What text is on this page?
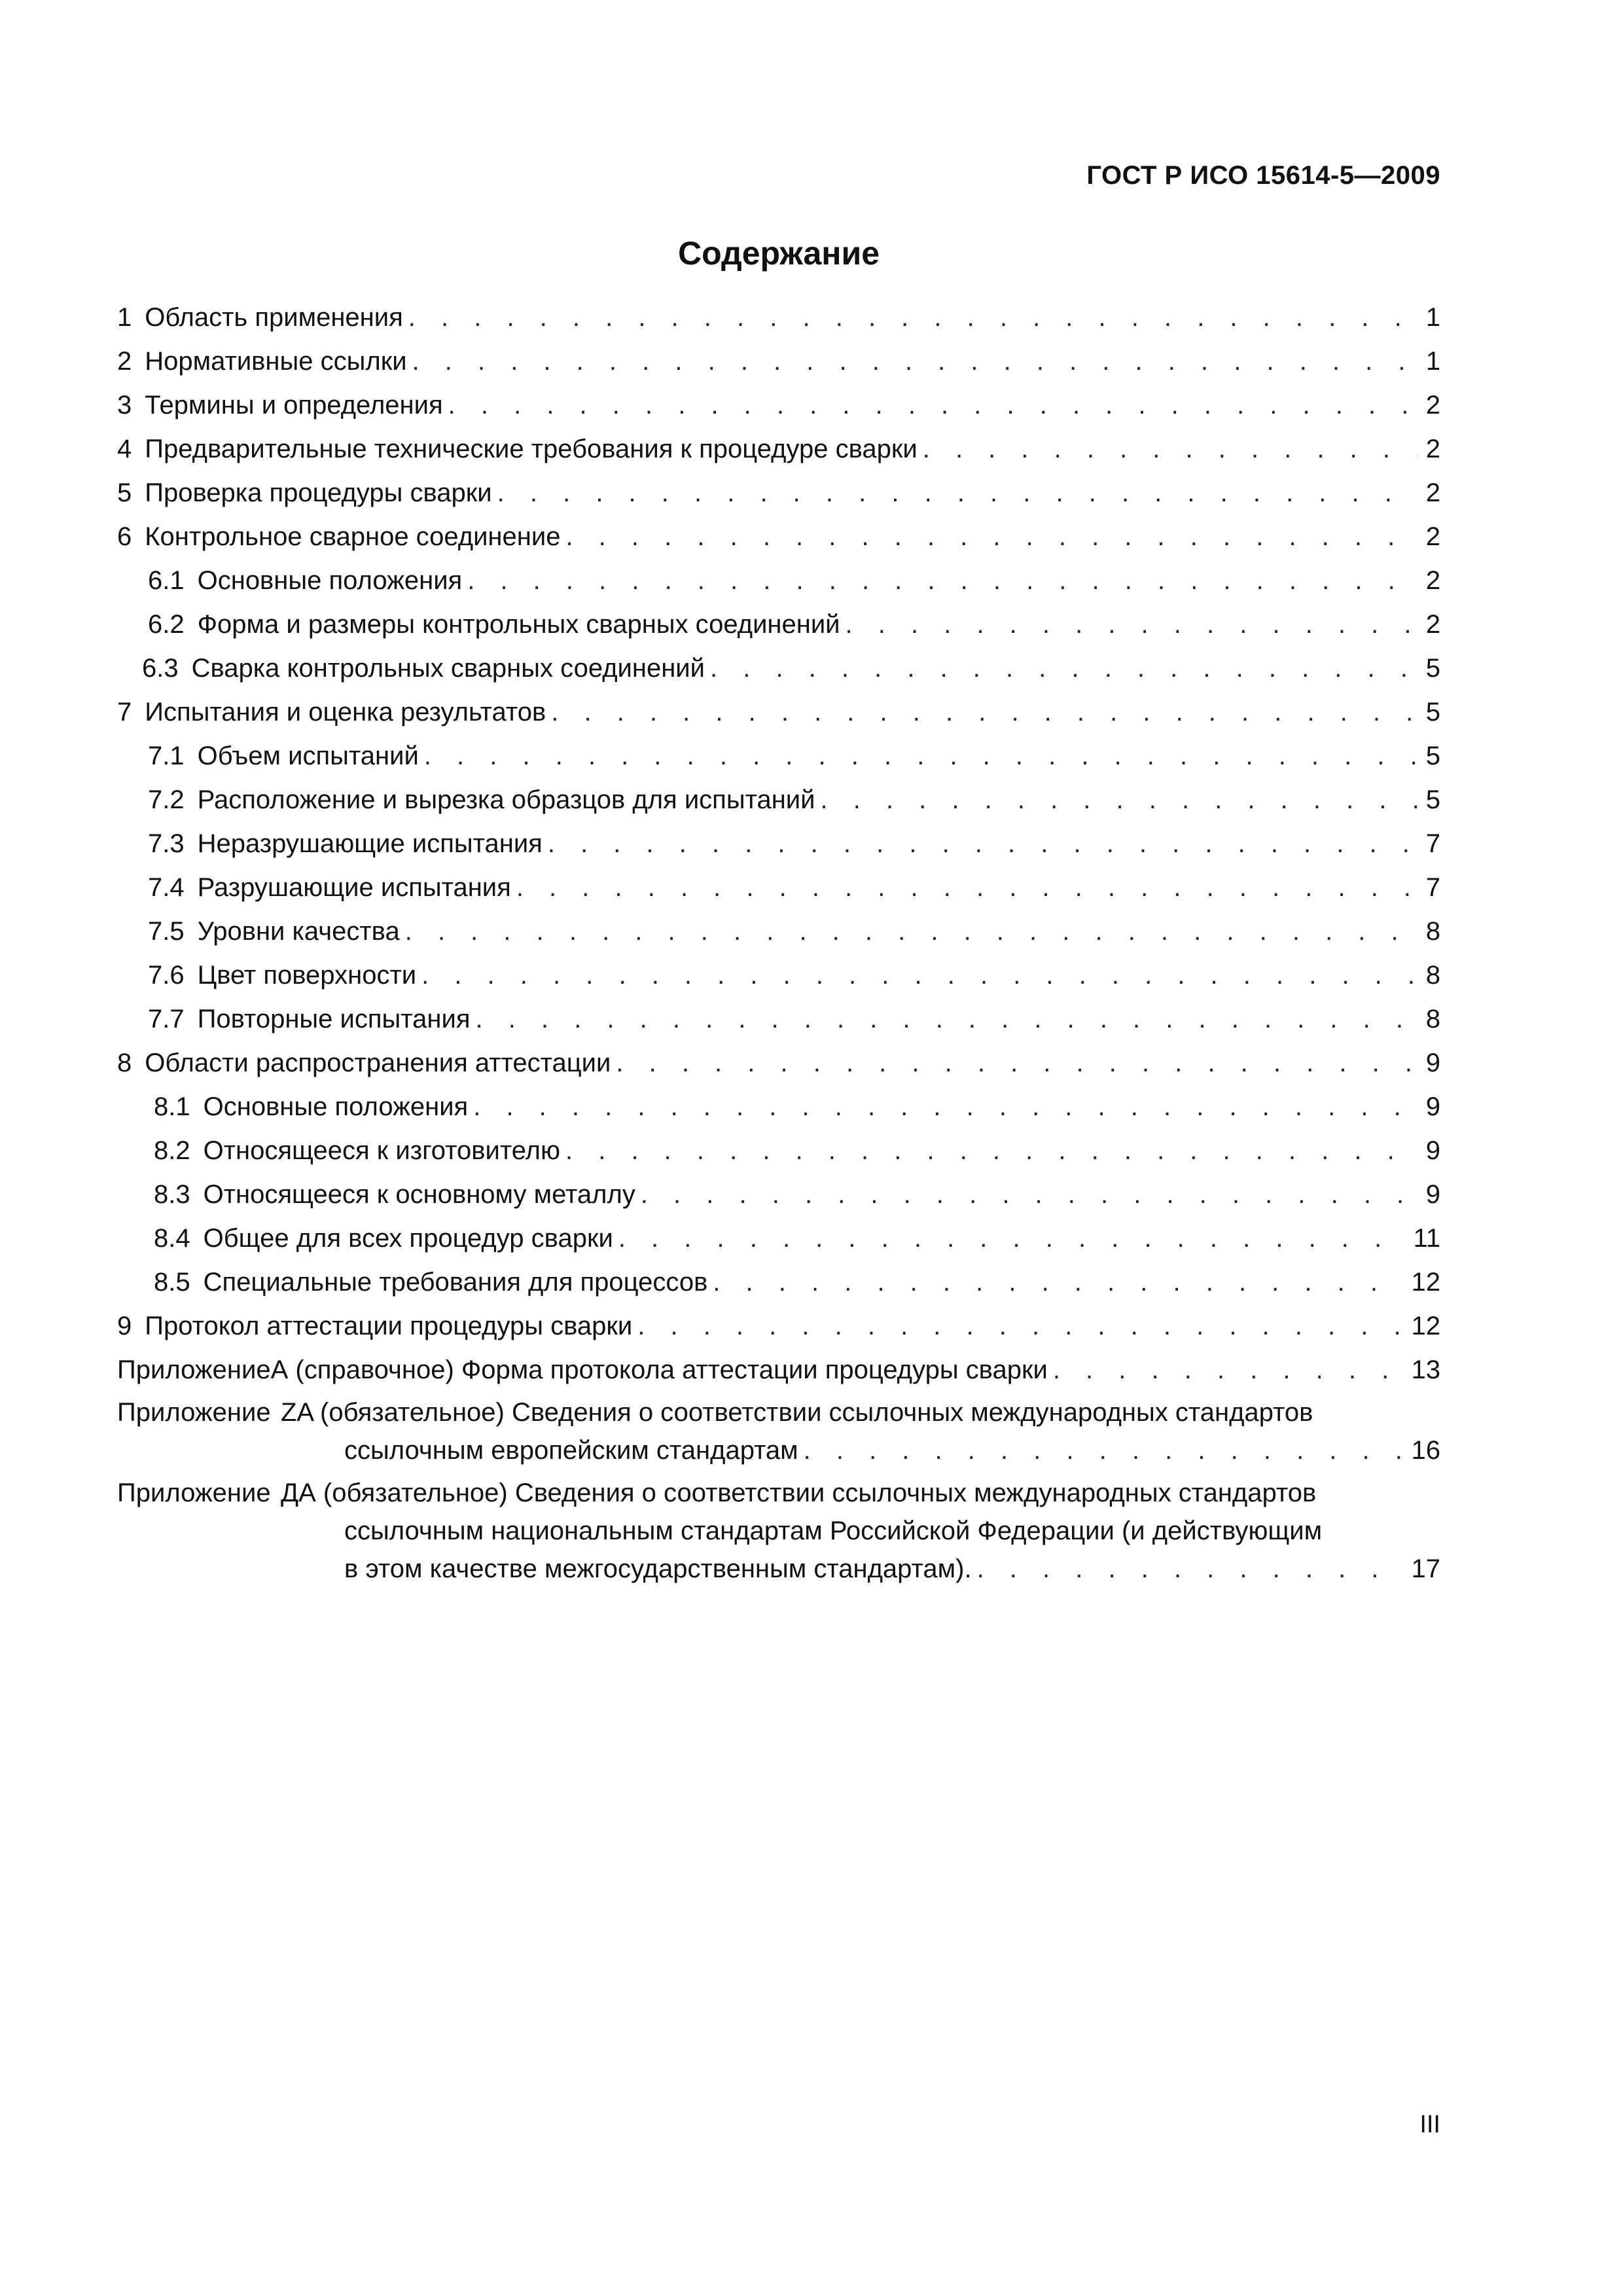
ГОСТ Р ИСО 15614-5—2009
Содержание
1 Область применения . . .	1
2 Нормативные ссылки . . .	1
3 Термины и определения . . .	2
4 Предварительные технические требования к процедуре сварки . . .	2
5 Проверка процедуры сварки . . .	2
6 Контрольное сварное соединение . . .	2
6.1 Основные положения . . .	2
6.2 Форма и размеры контрольных сварных соединений . . .	2
6.3 Сварка контрольных сварных соединений . . .	5
7 Испытания и оценка результатов . . .	5
7.1 Объем испытаний . . .	5
7.2 Расположение и вырезка образцов для испытаний . . .	5
7.3 Неразрушающие испытания . . .	7
7.4 Разрушающие испытания . . .	7
7.5 Уровни качества . . .	8
7.6 Цвет поверхности . . .	8
7.7 Повторные испытания . . .	8
8 Области распространения аттестации . . .	9
8.1 Основные положения . . .	9
8.2 Относящееся к изготовителю . . .	9
8.3 Относящееся к основному металлу . . .	9
8.4 Общее для всех процедур сварки . . .	11
8.5 Специальные требования для процессов . . .	12
9 Протокол аттестации процедуры сварки . . .	12
Приложение А (справочное) Форма протокола аттестации процедуры сварки . . .	13
Приложение ZA (обязательное) Сведения о соответствии ссылочных международных стандартов
ссылочным европейским стандартам . . .	16
Приложение ДА (обязательное) Сведения о соответствии ссылочных международных стандартов
ссылочным национальным стандартам Российской Федерации (и действующим
в этом качестве межгосударственным стандартам). . . .	17
III
